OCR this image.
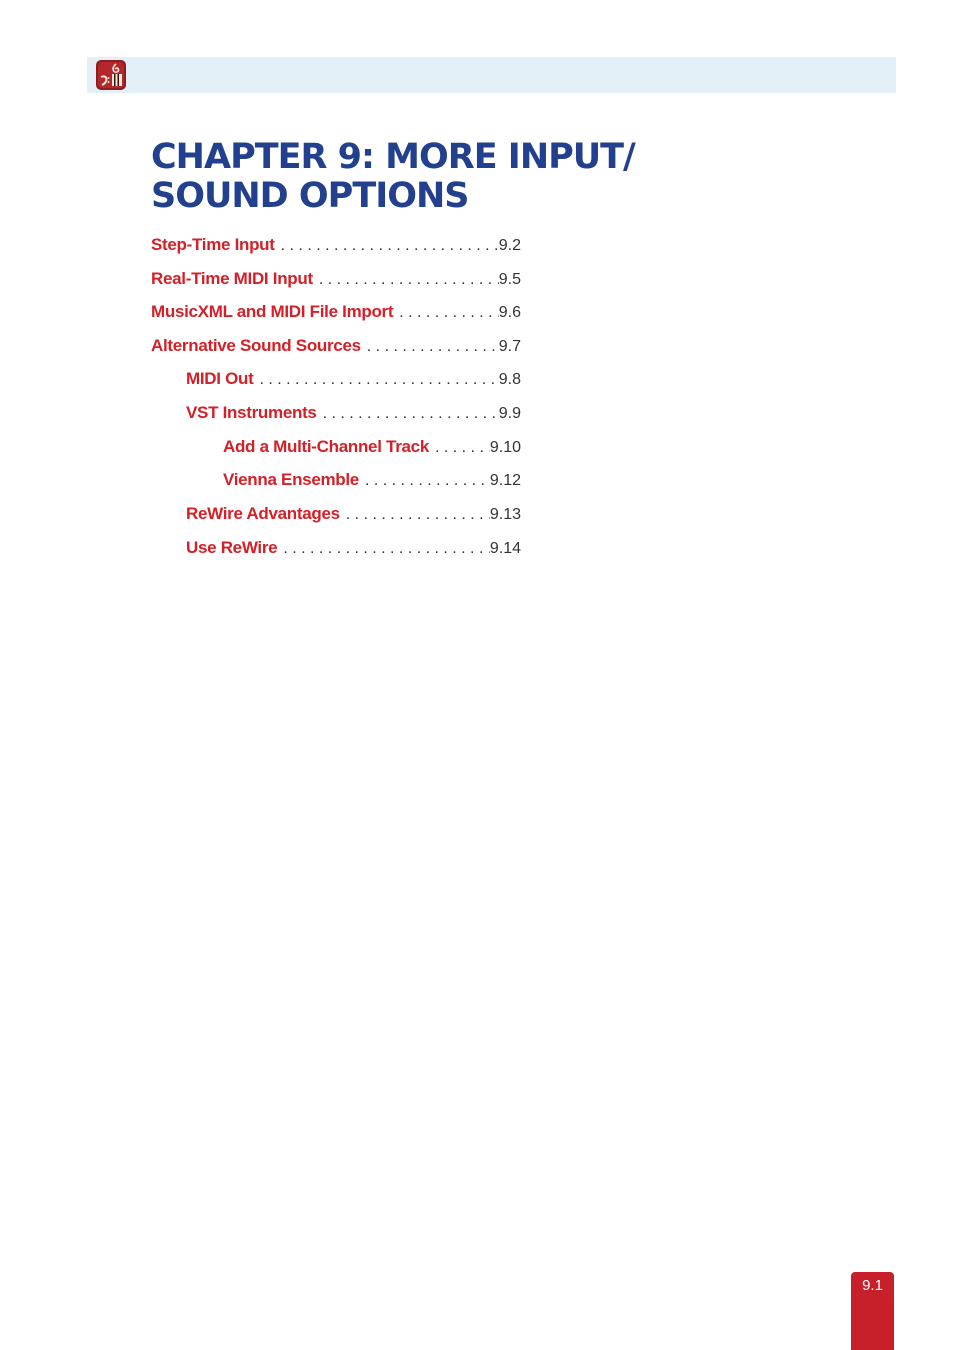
CHAPTER 9: MORE INPUT/
SOUND OPTIONS
Step-Time Input . . .	9.2
Real-Time MIDI Input . . .	9.5
MusicXML and MIDI File Import . . .	9.6
Alternative Sound Sources . . .	9.7
MIDI Out . . .	9.8
VST Instruments . . .	9.9
Add a Multi-Channel Track . . .	9.10
Vienna Ensemble . . .	9.12
ReWire Advantages . . .	9.13
Use ReWire . . .	9.14
9.1
